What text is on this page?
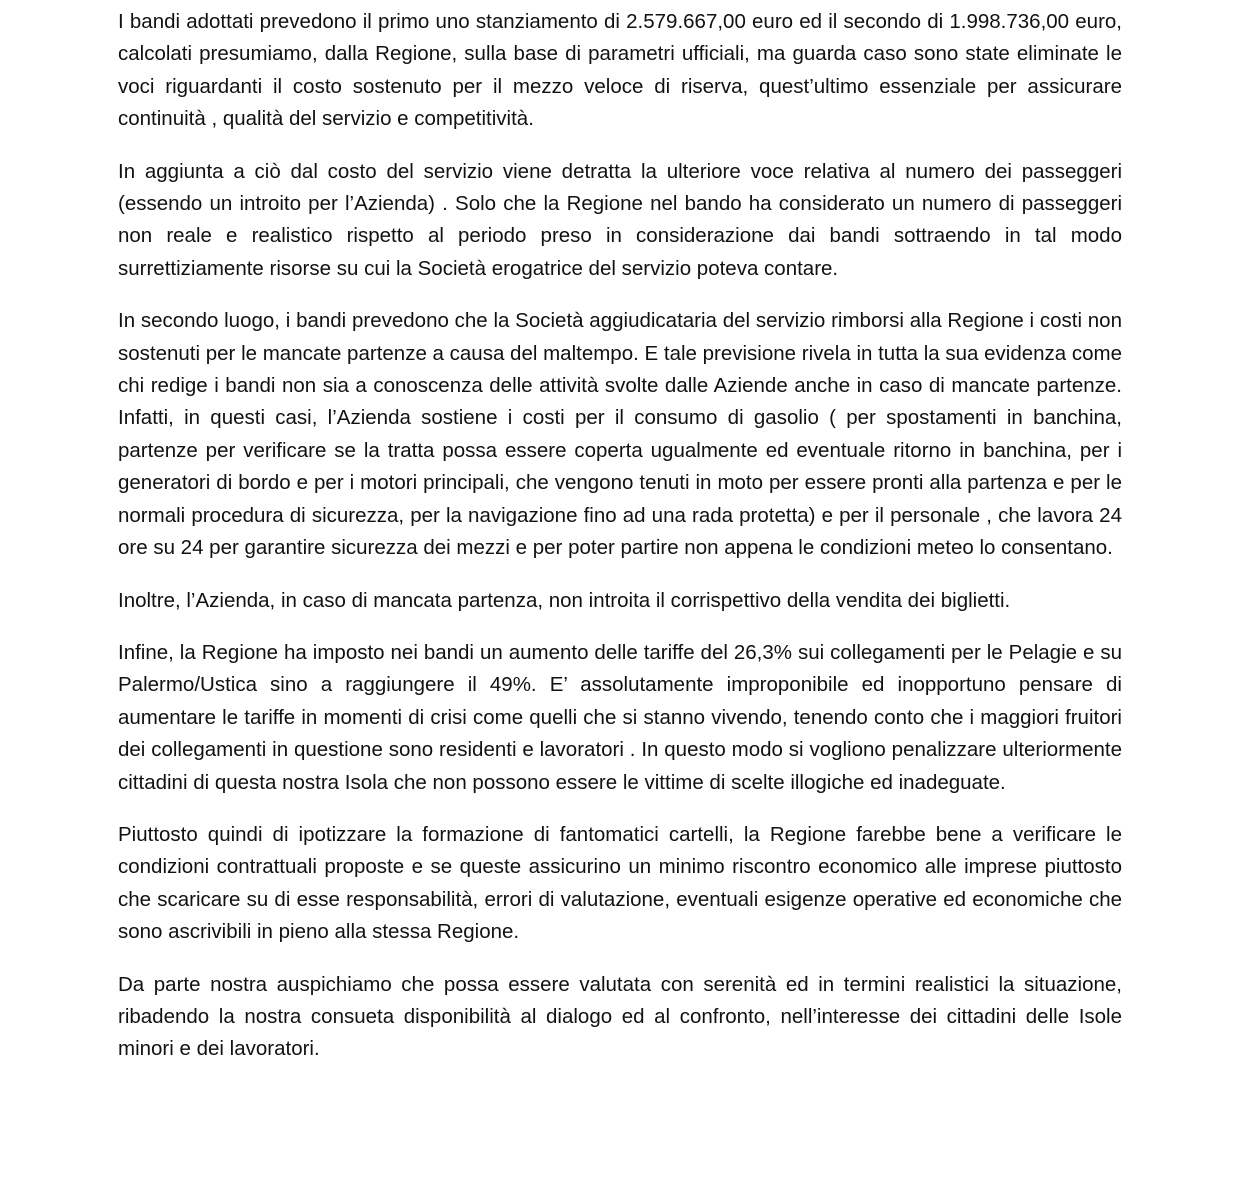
I bandi adottati prevedono il primo uno stanziamento di 2.579.667,00 euro ed il secondo di 1.998.736,00 euro, calcolati presumiamo, dalla Regione, sulla base di parametri ufficiali, ma guarda caso sono state eliminate le voci riguardanti il costo sostenuto per il mezzo veloce di riserva, quest’ultimo essenziale per assicurare continuità , qualità del servizio e competitività.

In aggiunta a ciò dal costo del servizio viene detratta la ulteriore voce relativa al numero dei passeggeri (essendo un introito per l’Azienda) . Solo che la Regione nel bando ha considerato un numero di passeggeri non reale e realistico rispetto al periodo preso in considerazione dai bandi sottraendo in tal modo surrettiziamente risorse su cui la Società erogatrice del servizio poteva contare.

In secondo luogo, i bandi prevedono che la Società aggiudicataria del servizio rimborsi alla Regione i costi non sostenuti per le mancate partenze a causa del maltempo. E tale previsione rivela in tutta la sua evidenza come chi redige i bandi non sia a conoscenza delle attività svolte dalle Aziende anche in caso di mancate partenze. Infatti, in questi casi, l’Azienda sostiene i costi per il consumo di gasolio ( per spostamenti in banchina, partenze per verificare se la tratta possa essere coperta ugualmente ed eventuale ritorno in banchina, per i generatori di bordo e per i motori principali, che vengono tenuti in moto per essere pronti alla partenza e per le normali procedura di sicurezza, per la navigazione fino ad una rada protetta) e per il personale , che lavora 24 ore su 24 per garantire sicurezza dei mezzi e per poter partire non appena le condizioni meteo lo consentano.

Inoltre, l’Azienda, in caso di mancata partenza, non introita il corrispettivo della vendita dei biglietti.

Infine, la Regione ha imposto nei bandi un aumento delle tariffe del 26,3% sui collegamenti per le Pelagie e su Palermo/Ustica sino a raggiungere il 49%. E’ assolutamente improponibile ed inopportuno pensare di aumentare le tariffe in momenti di crisi come quelli che si stanno vivendo, tenendo conto che i maggiori fruitori dei collegamenti in questione sono residenti e lavoratori . In questo modo si vogliono penalizzare ulteriormente cittadini di questa nostra Isola che non possono essere le vittime di scelte illogiche ed inadeguate.

Piuttosto quindi di ipotizzare la formazione di fantomatici cartelli, la Regione farebbe bene a verificare le condizioni contrattuali proposte e se queste assicurino un minimo riscontro economico alle imprese piuttosto che scaricare su di esse responsabilità, errori di valutazione, eventuali esigenze operative ed economiche che sono ascrivibili in pieno alla stessa Regione.

Da parte nostra auspichiamo che possa essere valutata con serenità ed in termini realistici la situazione, ribadendo la nostra consueta disponibilità al dialogo ed al confronto, nell’interesse dei cittadini delle Isole minori e dei lavoratori.
